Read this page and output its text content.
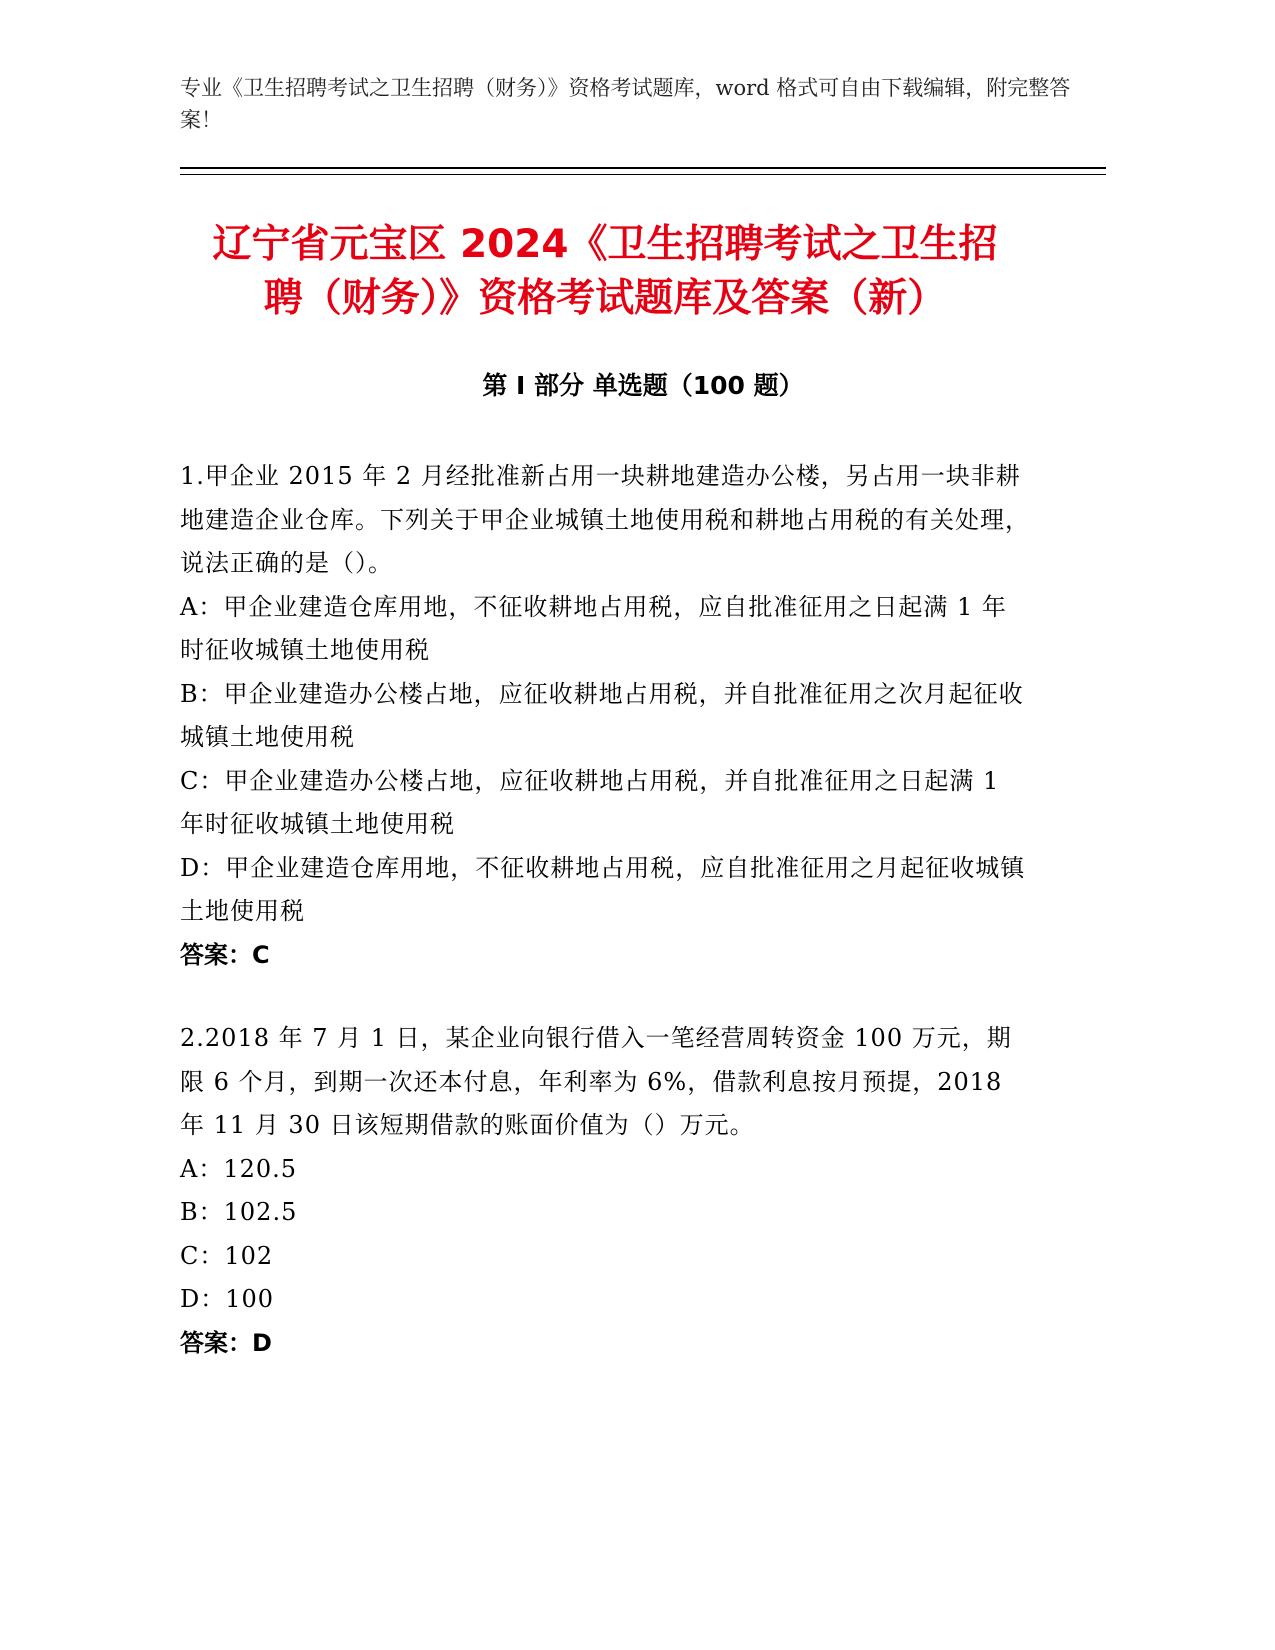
专业《卫生招聘考试之卫生招聘（财务）》资格考试题库，word 格式可自由下载编辑，附完整答案！
辽宁省元宝区 2024《卫生招聘考试之卫生招
聘（财务）》资格考试题库及答案（新）
第 I 部分 单选题（100 题）
1.甲企业 2015 年 2 月经批准新占用一块耕地建造办公楼，另占用一块非耕地建造企业仓库。下列关于甲企业城镇土地使用税和耕地占用税的有关处理，说法正确的是（）。
A：甲企业建造仓库用地，不征收耕地占用税，应自批准征用之日起满 1 年时征收城镇土地使用税
B：甲企业建造办公楼占地，应征收耕地占用税，并自批准征用之次月起征收城镇土地使用税
C：甲企业建造办公楼占地，应征收耕地占用税，并自批准征用之日起满 1 年时征收城镇土地使用税
D：甲企业建造仓库用地，不征收耕地占用税，应自批准征用之月起征收城镇土地使用税
答案：C
2.2018 年 7 月 1 日，某企业向银行借入一笔经营周转资金 100 万元，期限 6 个月，到期一次还本付息，年利率为 6%，借款利息按月预提，2018 年 11 月 30 日该短期借款的账面价值为（）万元。
A：120.5
B：102.5
C：102
D：100
答案：D
